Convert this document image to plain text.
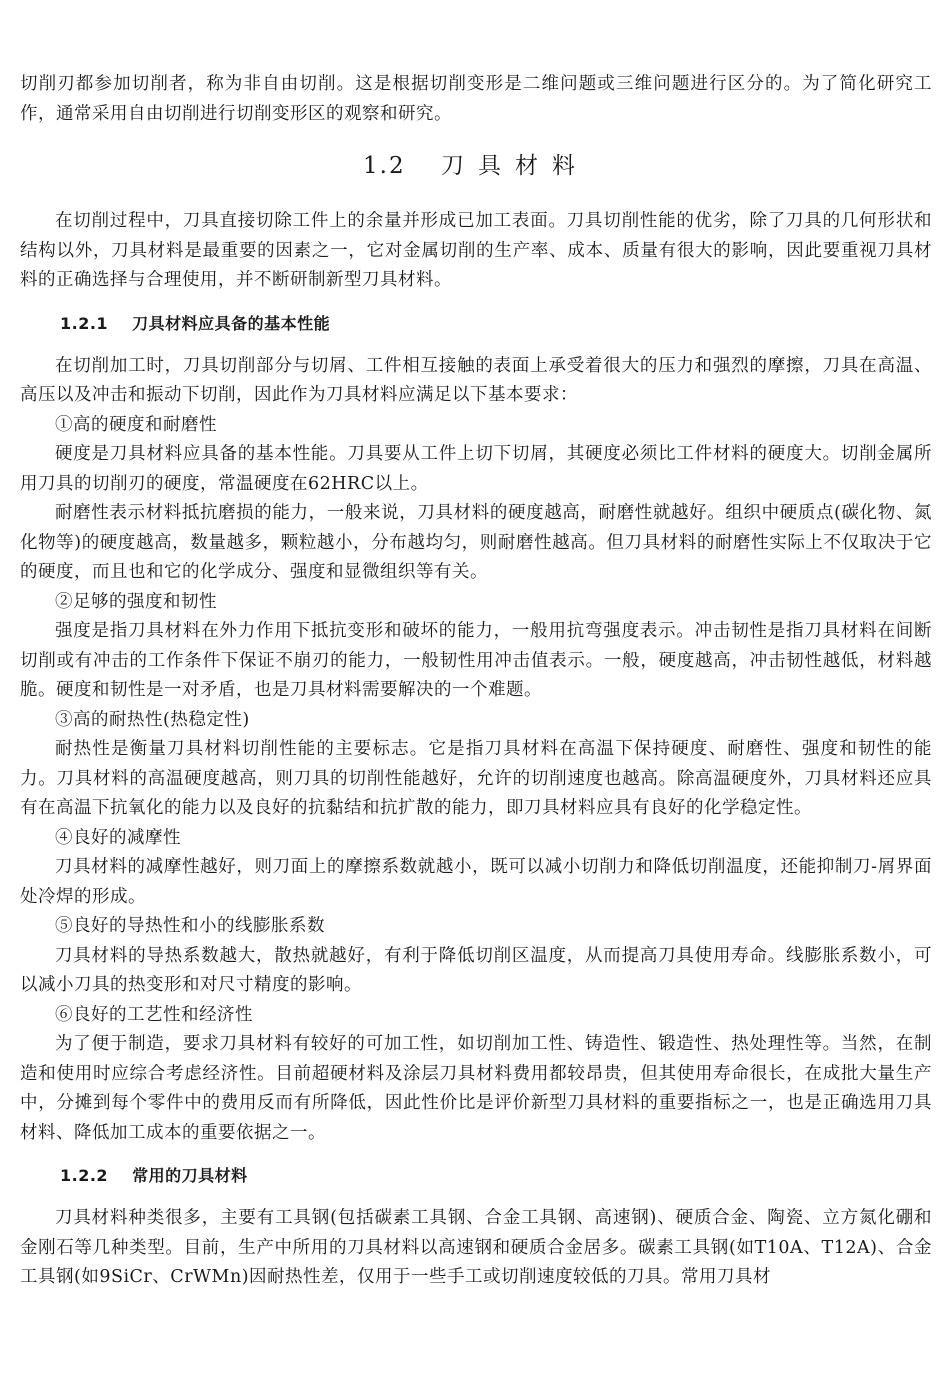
切削刃都参加切削者，称为非自由切削。这是根据切削变形是二维问题或三维问题进行区分的。为了简化研究工作，通常采用自由切削进行切削变形区的观察和研究。

1.2 刀具材料

在切削过程中，刀具直接切除工件上的余量并形成已加工表面。刀具切削性能的优劣，除了刀具的几何形状和结构以外，刀具材料是最重要的因素之一，它对金属切削的生产率、成本、质量有很大的影响，因此要重视刀具材料的正确选择与合理使用，并不断研制新型刀具材料。

1.2.1 刀具材料应具备的基本性能

在切削加工时，刀具切削部分与切屑、工件相互接触的表面上承受着很大的压力和强烈的摩擦，刀具在高温、高压以及冲击和振动下切削，因此作为刀具材料应满足以下基本要求：

①高的硬度和耐磨性

硬度是刀具材料应具备的基本性能。刀具要从工件上切下切屑，其硬度必须比工件材料的硬度大。切削金属所用刀具的切削刃的硬度，常温硬度在62HRC以上。

耐磨性表示材料抵抗磨损的能力，一般来说，刀具材料的硬度越高，耐磨性就越好。组织中硬质点(碳化物、氮化物等)的硬度越高，数量越多，颗粒越小，分布越均匀，则耐磨性越高。但刀具材料的耐磨性实际上不仅取决于它的硬度，而且也和它的化学成分、强度和显微组织等有关。

②足够的强度和韧性

强度是指刀具材料在外力作用下抵抗变形和破坏的能力，一般用抗弯强度表示。冲击韧性是指刀具材料在间断切削或有冲击的工作条件下保证不崩刃的能力，一般韧性用冲击值表示。一般，硬度越高，冲击韧性越低，材料越脆。硬度和韧性是一对矛盾，也是刀具材料需要解决的一个难题。

③高的耐热性(热稳定性)

耐热性是衡量刀具材料切削性能的主要标志。它是指刀具材料在高温下保持硬度、耐磨性、强度和韧性的能力。刀具材料的高温硬度越高，则刀具的切削性能越好，允许的切削速度也越高。除高温硬度外，刀具材料还应具有在高温下抗氧化的能力以及良好的抗黏结和抗扩散的能力，即刀具材料应具有良好的化学稳定性。

④良好的减摩性

刀具材料的减摩性越好，则刀面上的摩擦系数就越小，既可以减小切削力和降低切削温度，还能抑制刀-屑界面处冷焊的形成。

⑤良好的导热性和小的线膨胀系数

刀具材料的导热系数越大，散热就越好，有利于降低切削区温度，从而提高刀具使用寿命。线膨胀系数小，可以减小刀具的热变形和对尺寸精度的影响。

⑥良好的工艺性和经济性

为了便于制造，要求刀具材料有较好的可加工性，如切削加工性、铸造性、锻造性、热处理性等。当然，在制造和使用时应综合考虑经济性。目前超硬材料及涂层刀具材料费用都较昂贵，但其使用寿命很长，在成批大量生产中，分摊到每个零件中的费用反而有所降低，因此性价比是评价新型刀具材料的重要指标之一，也是正确选用刀具材料、降低加工成本的重要依据之一。

1.2.2 常用的刀具材料

刀具材料种类很多，主要有工具钢(包括碳素工具钢、合金工具钢、高速钢)、硬质合金、陶瓷、立方氮化硼和金刚石等几种类型。目前，生产中所用的刀具材料以高速钢和硬质合金居多。碳素工具钢(如T10A、T12A)、合金工具钢(如9SiCr、CrWMn)因耐热性差，仅用于一些手工或切削速度较低的刀具。常用刀具材
